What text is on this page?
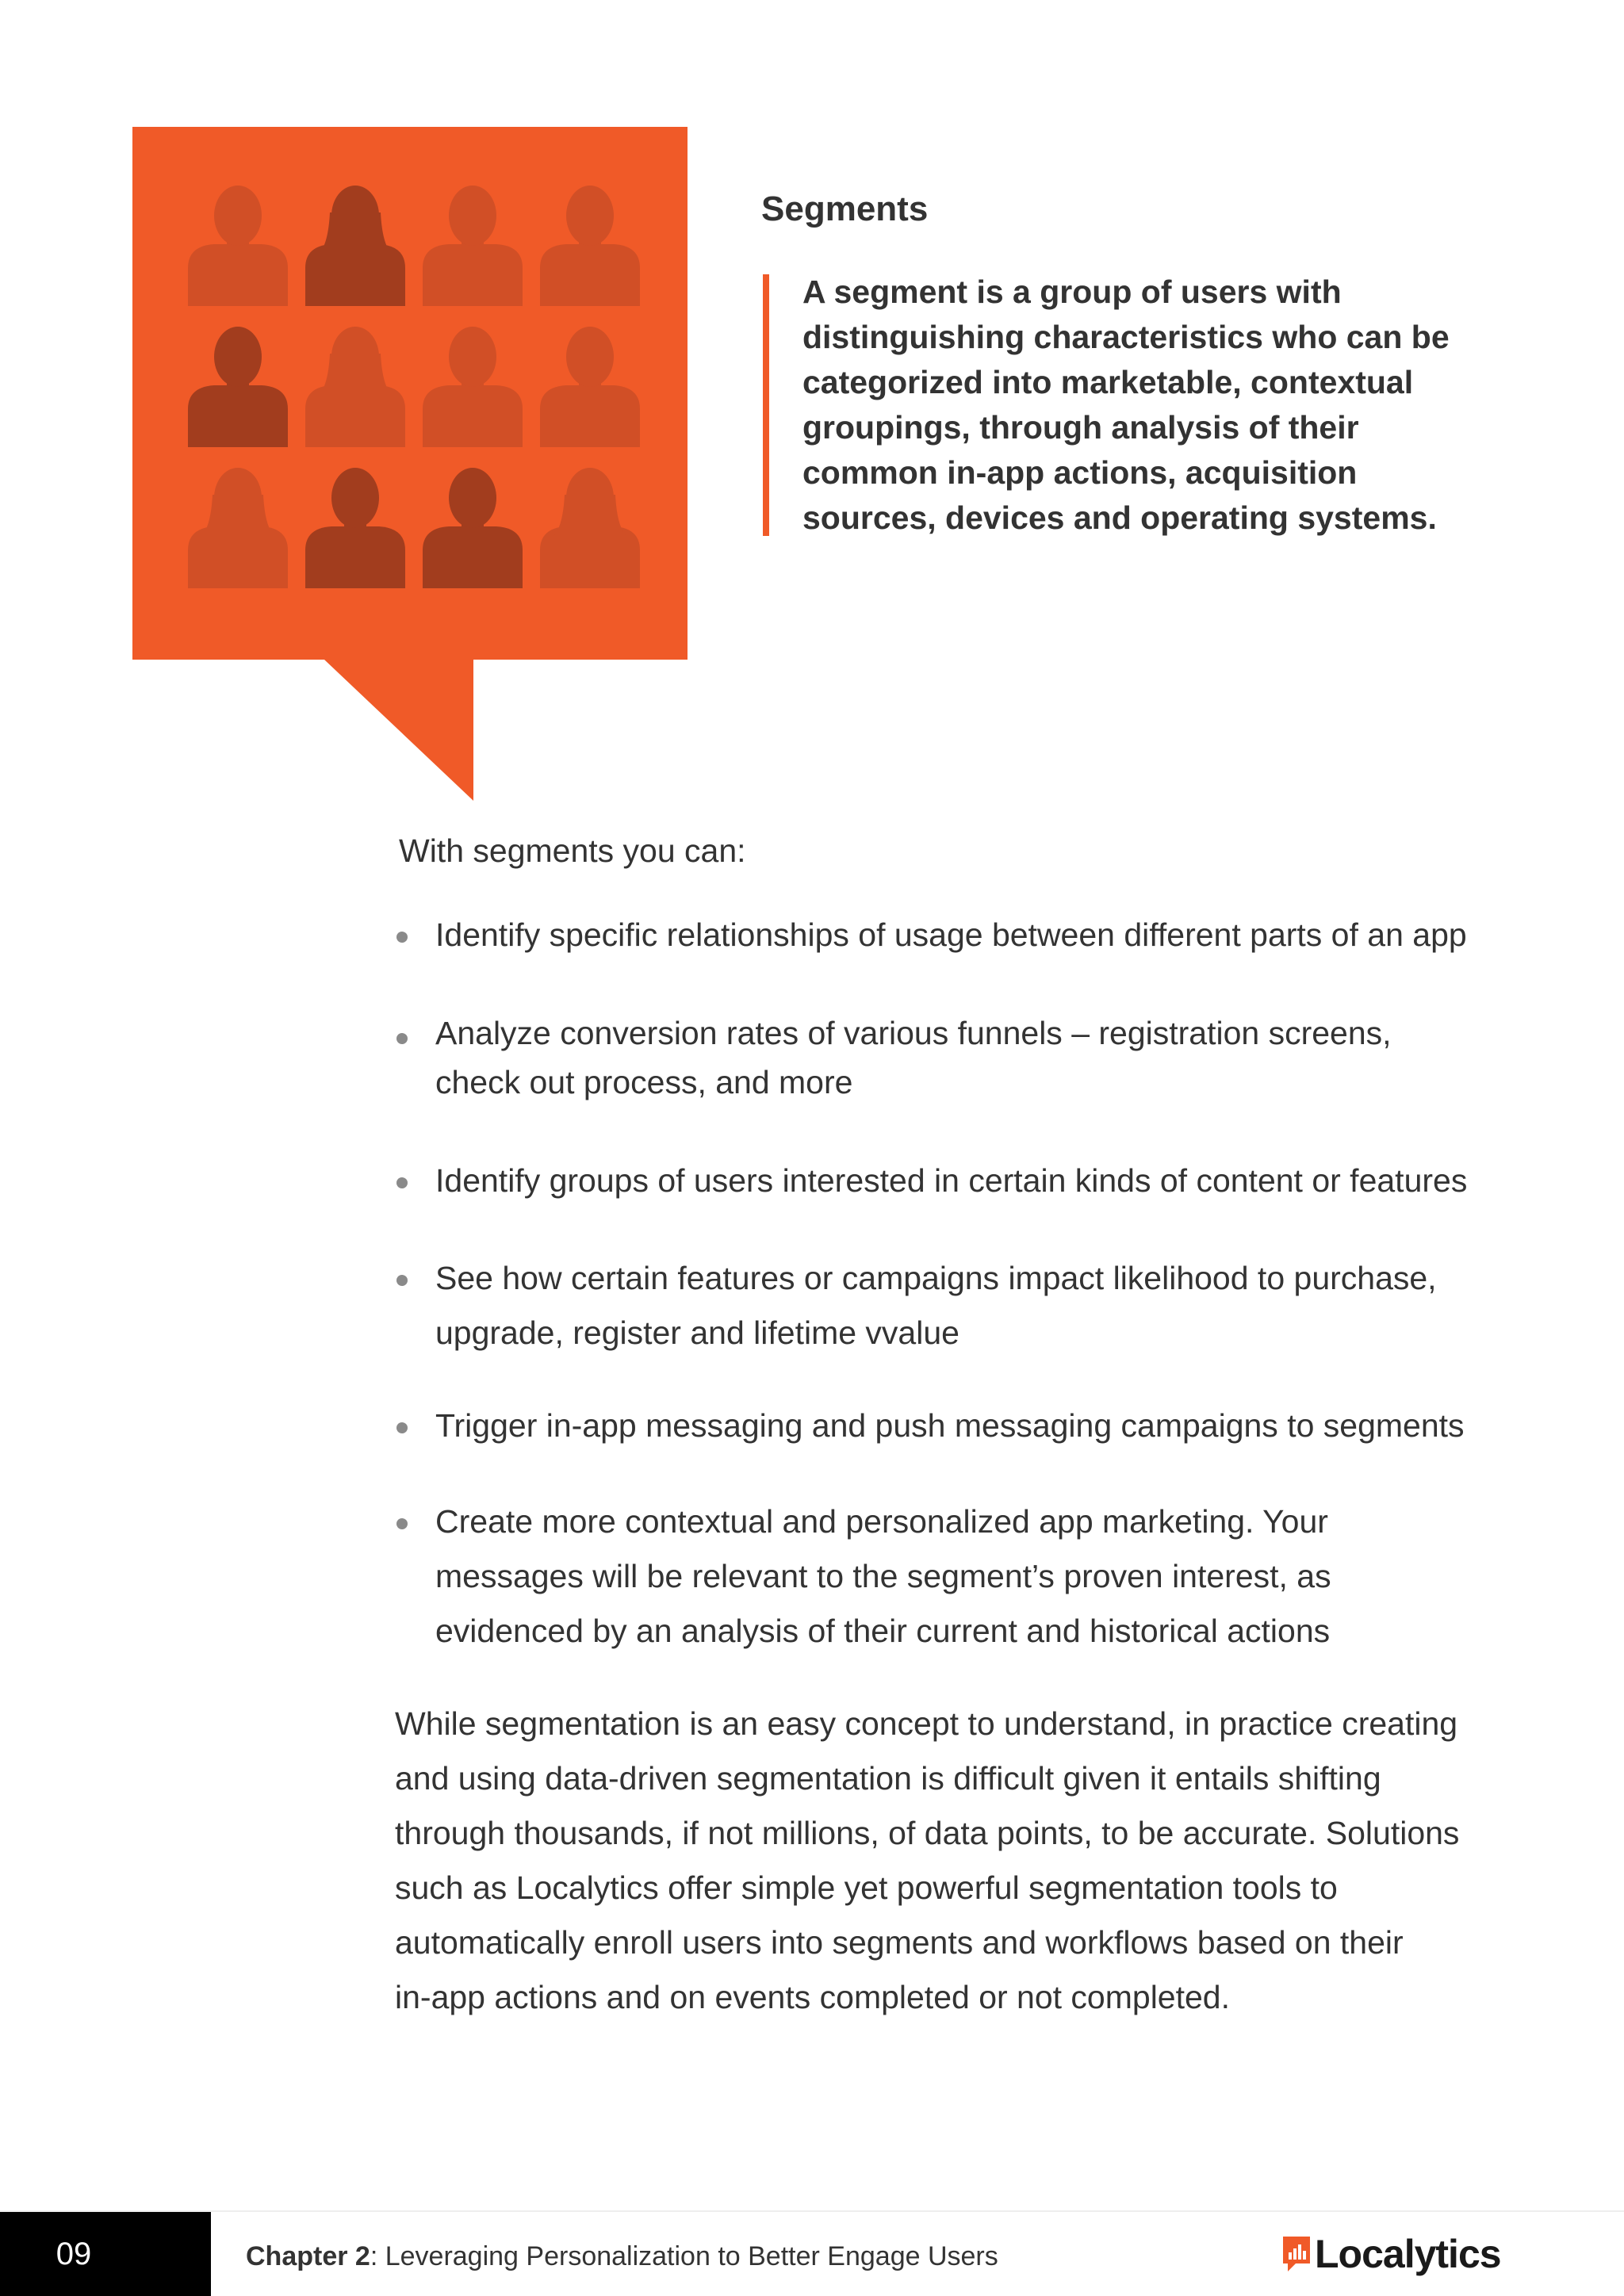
Segments

A segment is a group of users with

distinguishing characteristics who can be

categorized into marketable, contextual

groupings, through analysis of their

common in-app actions, acquisition

sources, devices and operating systems.

With segments you can:

Identify specific relationships of usage between different parts of an app

Analyze conversion rates of various funnels – registration screens,
check out process, and more

Identify groups of users interested in certain kinds of content or features

See how certain features or campaigns impact likelihood to purchase,
upgrade, register and lifetime vvalue

Trigger in-app messaging and push messaging campaigns to segments

Create more contextual and personalized app marketing. Your
messages will be relevant to the segment’s proven interest, as
evidenced by an analysis of their current and historical actions

While segmentation is an easy concept to understand, in practice creating
and using data-driven segmentation is difficult given it entails shifting
through thousands, if not millions, of data points, to be accurate. Solutions
such as Localytics offer simple yet powerful segmentation tools to
automatically enroll users into segments and workflows based on their
in-app actions and on events completed or not completed.
09	Chapter 2: Leveraging Personalization to Better Engage Users	Localytics
